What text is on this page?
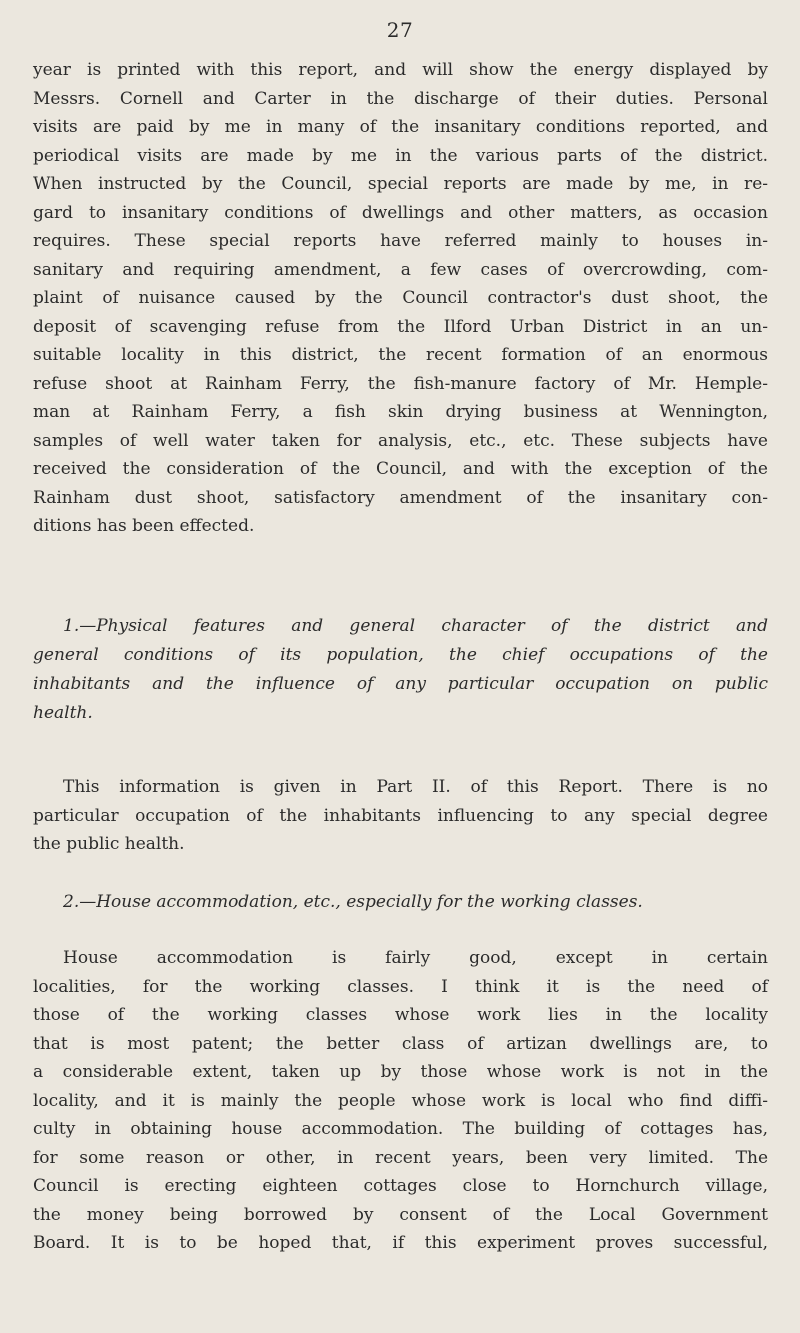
27
year is printed with this report, and will show the energy displayed by
Messrs. Cornell and Carter in the discharge of their duties. Personal
visits are paid by me in many of the insanitary conditions reported, and
periodical visits are made by me in the various parts of the district.
When instructed by the Council, special reports are made by me, in re-
gard to insanitary conditions of dwellings and other matters, as occasion
requires. These special reports have referred mainly to houses in-
sanitary and requiring amendment, a few cases of overcrowding, com-
plaint of nuisance caused by the Council contractor's dust shoot, the
deposit of scavenging refuse from the Ilford Urban District in an un-
suitable locality in this district, the recent formation of an enormous
refuse shoot at Rainham Ferry, the fish-manure factory of Mr. Hemple-
man at Rainham Ferry, a fish skin drying business at Wennington,
samples of well water taken for analysis, etc., etc. These subjects have
received the consideration of the Council, and with the exception of the
Rainham dust shoot, satisfactory amendment of the insanitary con-
ditions has been effected.
1.—Physical features and general character of the district and
general conditions of its population, the chief occupations of the
inhabitants and the influence of any particular occupation on public
health.
This information is given in Part II. of this Report. There is no
particular occupation of the inhabitants influencing to any special degree
the public health.
2.—House accommodation, etc., especially for the working classes.
House accommodation is fairly good, except in certain
localities, for the working classes. I think it is the need of
those of the working classes whose work lies in the locality
that is most patent; the better class of artizan dwellings are, to
a considerable extent, taken up by those whose work is not in the
locality, and it is mainly the people whose work is local who find diffi-
culty in obtaining house accommodation. The building of cottages has,
for some reason or other, in recent years, been very limited. The
Council is erecting eighteen cottages close to Hornchurch village,
the money being borrowed by consent of the Local Government
Board. It is to be hoped that, if this experiment proves successful,
